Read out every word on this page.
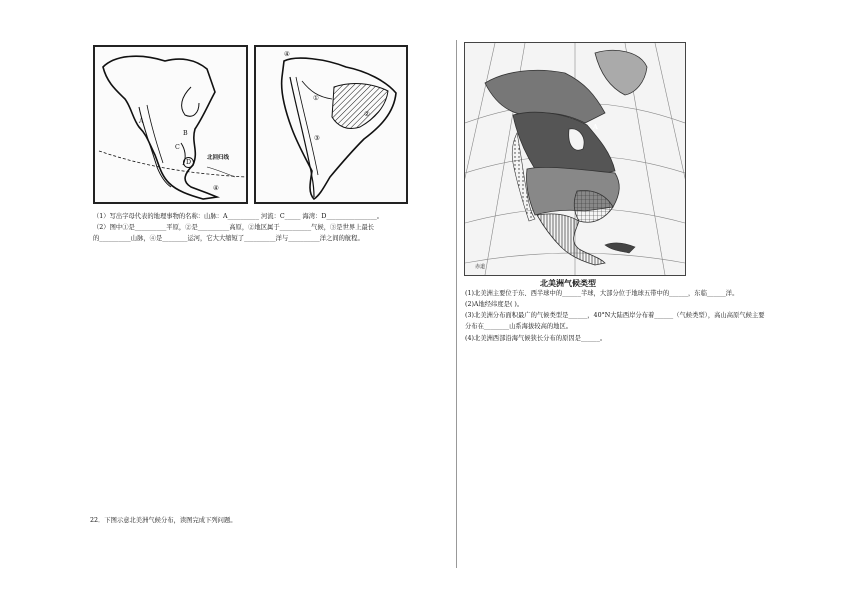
A
B
C
D
④
北回归线
④
①
②
③
（1）写出字母代表的地理事物的名称：山脉：A__________ 河流：C_____ 海湾：D________________。
（2）图中①是__________平原，②是__________高原，②地区属于__________气候，③是世界上最长
的__________山脉，④是________运河，它大大缩短了__________洋与__________洋之间的航程。
22．下图示意北美洲气候分布，读图完成下列问题。
A
赤道
北美洲气候类型
(1)北美洲主要位于东、西半球中的______半球，大部分位于地球五带中的______，东临______洋。
(2)A地经纬度是( )。
(3)北美洲分布面积最广的气候类型是______，40°N大陆西岸分布着______（气候类型），高山高原气候主要
分布在________山系海拔较高的地区。
(4)北美洲西部沿海气候狭长分布的原因是______。
